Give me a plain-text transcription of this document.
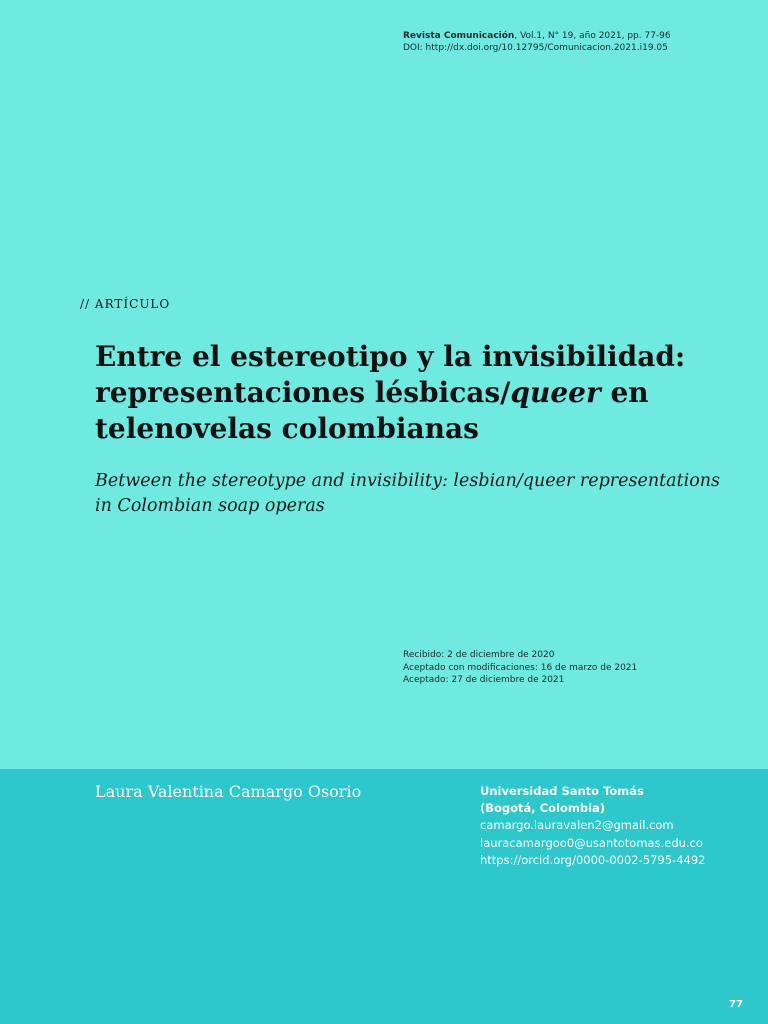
Revista Comunicación, Vol.1, N° 19, año 2021, pp. 77-96
DOI: http://dx.doi.org/10.12795/Comunicacion.2021.i19.05
// ARTÍCULO
Entre el estereotipo y la invisibilidad:
representaciones lésbicas/queer en
telenovelas colombianas
Between the stereotype and invisibility: lesbian/queer representations in Colombian soap operas
Recibido: 2 de diciembre de 2020
Aceptado con modificaciones: 16 de marzo de 2021
Aceptado: 27 de diciembre de 2021
Laura Valentina Camargo Osorio	Universidad Santo Tomás
(Bogotá, Colombia)
camargo.lauravalen2@gmail.com
lauracamargoo0@usantotomas.edu.co
https://orcid.org/0000-0002-5795-4492
77
